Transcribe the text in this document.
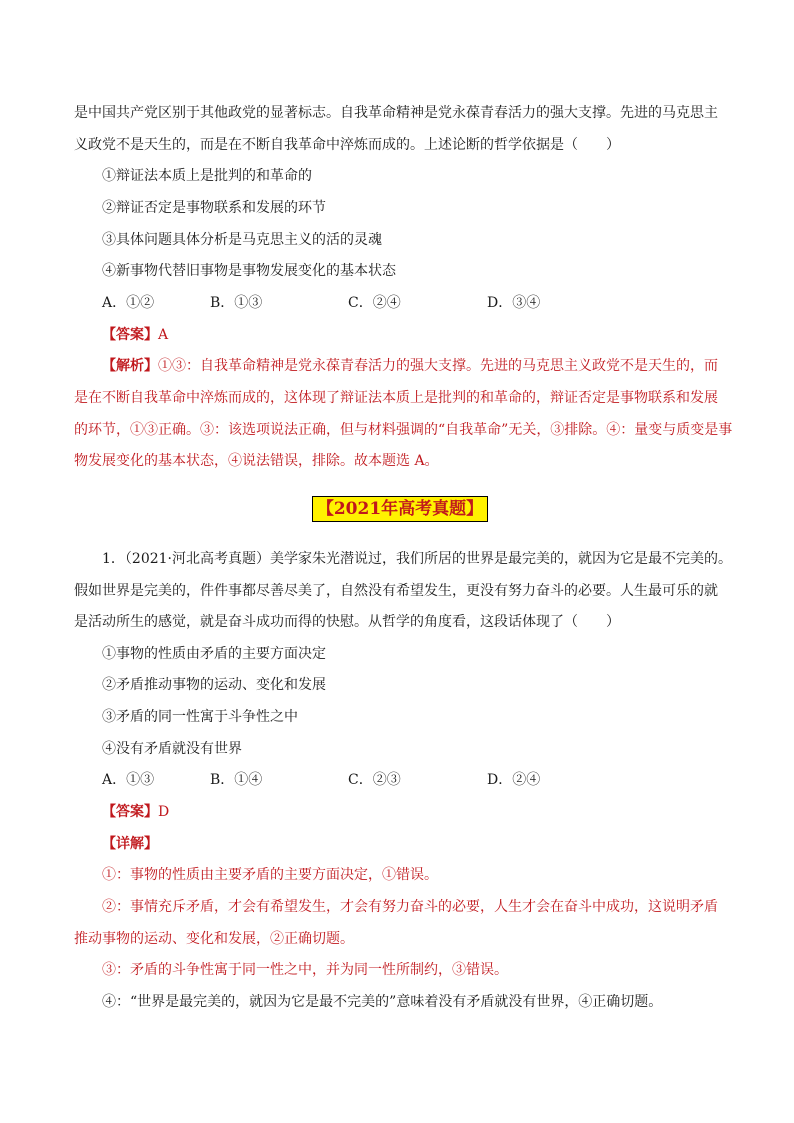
是中国共产党区别于其他政党的显著标志。自我革命精神是党永葆青春活力的强大支撑。先进的马克思主
义政党不是天生的，而是在不断自我革命中淬炼而成的。上述论断的哲学依据是（　　）
①辩证法本质上是批判的和革命的
②辩证否定是事物联系和发展的环节
③具体问题具体分析是马克思主义的活的灵魂
④新事物代替旧事物是事物发展变化的基本状态
A．①②	B．①③	C．②④	D．③④
【答案】A
【解析】①③：自我革命精神是党永葆青春活力的强大支撑。先进的马克思主义政党不是天生的，而
是在不断自我革命中淬炼而成的，这体现了辩证法本质上是批判的和革命的，辩证否定是事物联系和发展
的环节，①③正确。③：该选项说法正确，但与材料强调的“自我革命”无关，③排除。④：量变与质变是事
物发展变化的基本状态，④说法错误，排除。故本题选 A。
【2021年高考真题】
1．（2021·河北高考真题）美学家朱光潜说过，我们所居的世界是最完美的，就因为它是最不完美的。
假如世界是完美的，件件事都尽善尽美了，自然没有希望发生，更没有努力奋斗的必要。人生最可乐的就
是活动所生的感觉，就是奋斗成功而得的快慰。从哲学的角度看，这段话体现了（　　）
①事物的性质由矛盾的主要方面决定
②矛盾推动事物的运动、变化和发展
③矛盾的同一性寓于斗争性之中
④没有矛盾就没有世界
A．①③	B．①④	C．②③	D．②④
【答案】D
【详解】
①：事物的性质由主要矛盾的主要方面决定，①错误。
②：事情充斥矛盾，才会有希望发生，才会有努力奋斗的必要，人生才会在奋斗中成功，这说明矛盾
推动事物的运动、变化和发展，②正确切题。
③：矛盾的斗争性寓于同一性之中，并为同一性所制约，③错误。
④：“世界是最完美的，就因为它是最不完美的”意味着没有矛盾就没有世界，④正确切题。
